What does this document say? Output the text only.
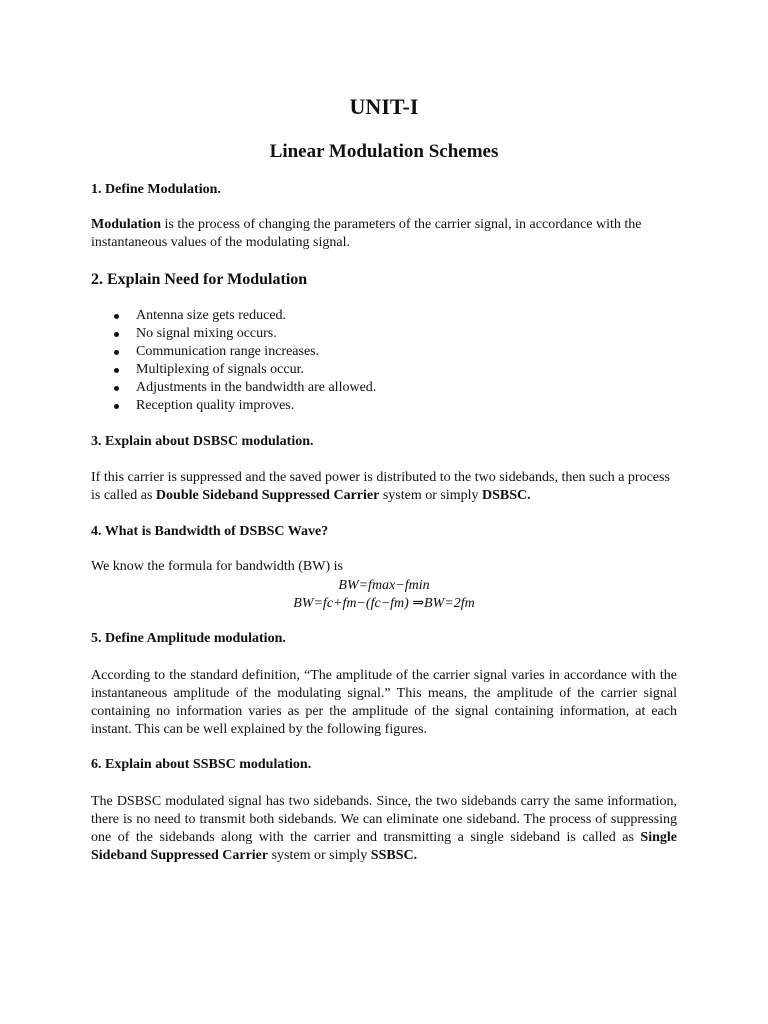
UNIT-I
Linear Modulation Schemes
1. Define Modulation.

Modulation is the process of changing the parameters of the carrier signal, in accordance with the instantaneous values of the modulating signal.

2. Explain Need for Modulation
Antenna size gets reduced.
No signal mixing occurs.
Communication range increases.
Multiplexing of signals occur.
Adjustments in the bandwidth are allowed.
Reception quality improves.
3. Explain about DSBSC modulation.

If this carrier is suppressed and the saved power is distributed to the two sidebands, then such a process is called as Double Sideband Suppressed Carrier system or simply DSBSC.

4. What is Bandwidth of DSBSC Wave?

We know the formula for bandwidth (BW) is

BW=fmax−fmin
BW=fc+fm−(fc−fm) ⇒BW=2fm
5. Define Amplitude modulation.

According to the standard definition, “The amplitude of the carrier signal varies in accordance with the instantaneous amplitude of the modulating signal.” This means, the amplitude of the carrier signal containing no information varies as per the amplitude of the signal containing information, at each instant. This can be well explained by the following figures.

6. Explain about SSBSC modulation.

The DSBSC modulated signal has two sidebands. Since, the two sidebands carry the same information, there is no need to transmit both sidebands. We can eliminate one sideband. The process of suppressing one of the sidebands along with the carrier and transmitting a single sideband is called as Single Sideband Suppressed Carrier system or simply SSBSC.
